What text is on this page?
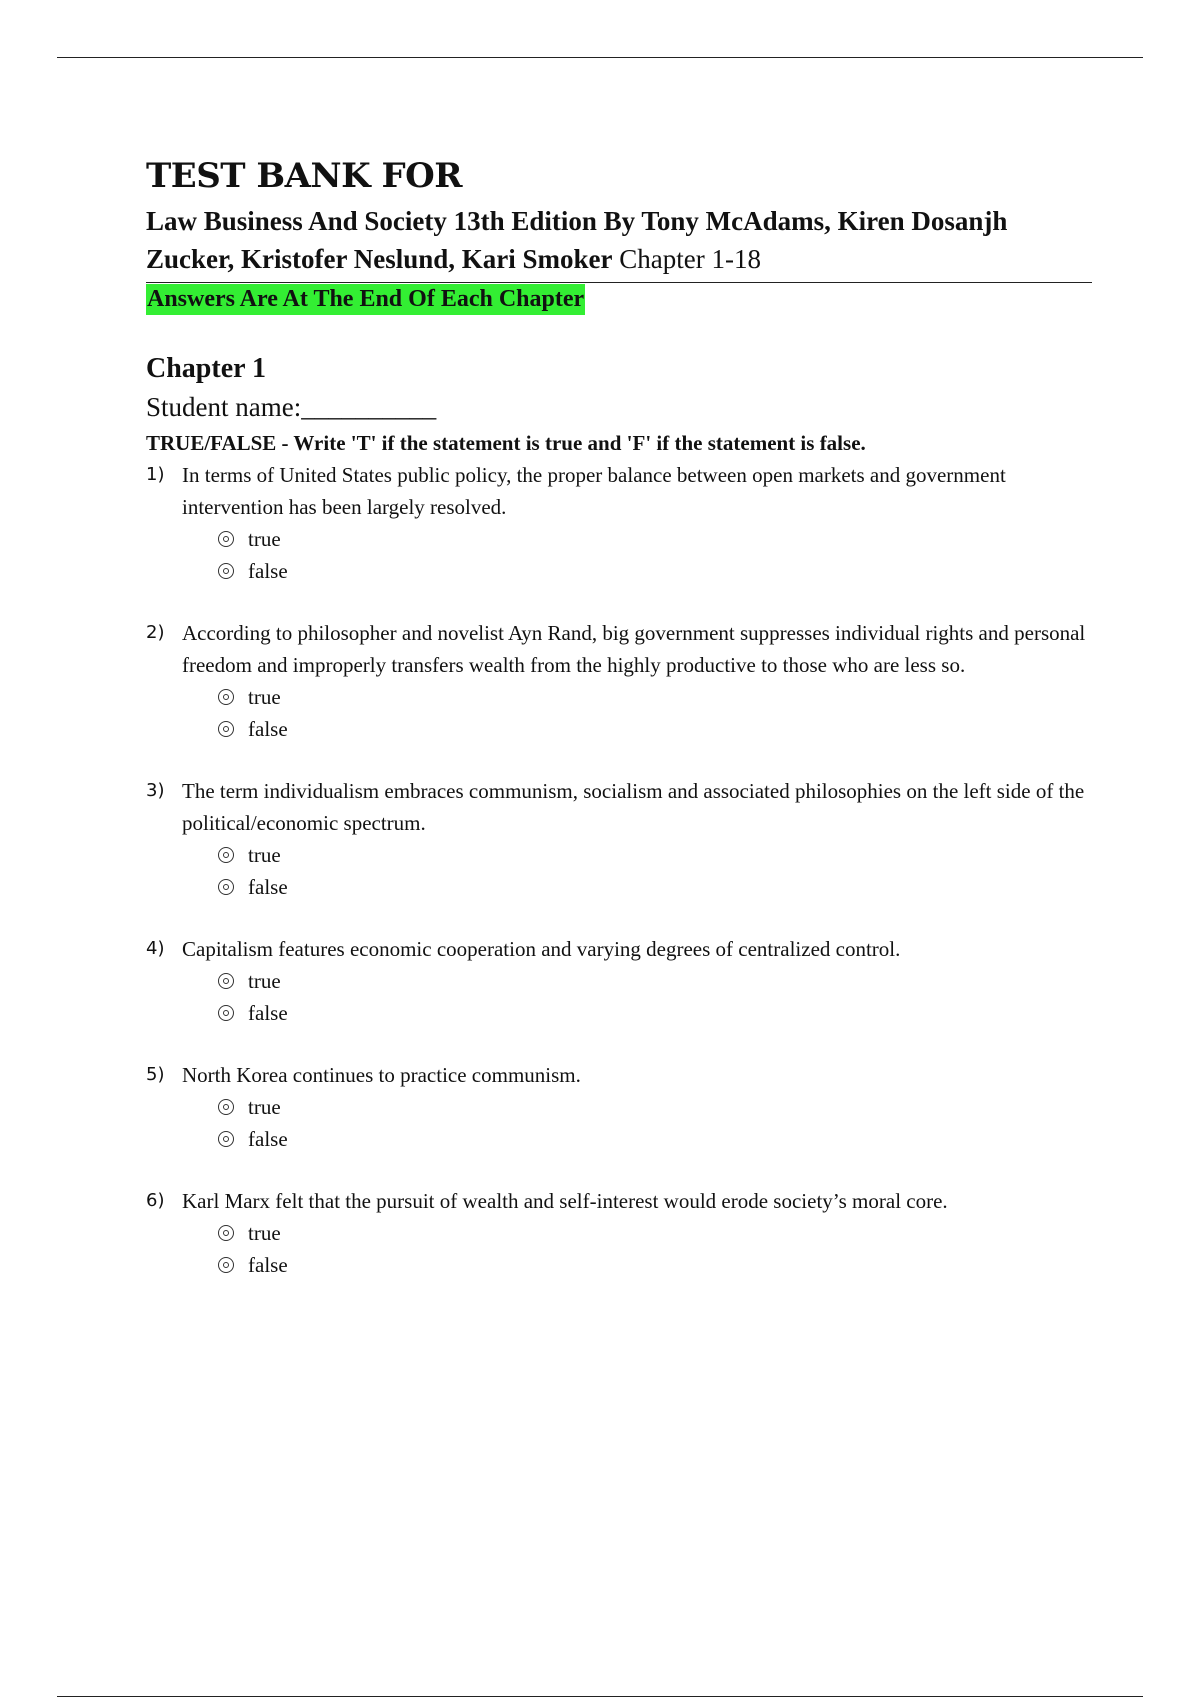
TEST BANK FOR
Law Business And Society 13th Edition By Tony McAdams, Kiren Dosanjh Zucker, Kristofer Neslund, Kari Smoker Chapter 1-18
Answers Are At The End Of Each Chapter
Chapter 1
Student name:__________
TRUE/FALSE - Write 'T' if the statement is true and 'F' if the statement is false.
1) In terms of United States public policy, the proper balance between open markets and government intervention has been largely resolved.
true
false
2) According to philosopher and novelist Ayn Rand, big government suppresses individual rights and personal freedom and improperly transfers wealth from the highly productive to those who are less so.
true
false
3) The term individualism embraces communism, socialism and associated philosophies on the left side of the political/economic spectrum.
true
false
4) Capitalism features economic cooperation and varying degrees of centralized control.
true
false
5) North Korea continues to practice communism.
true
false
6) Karl Marx felt that the pursuit of wealth and self-interest would erode society’s moral core.
true
false
